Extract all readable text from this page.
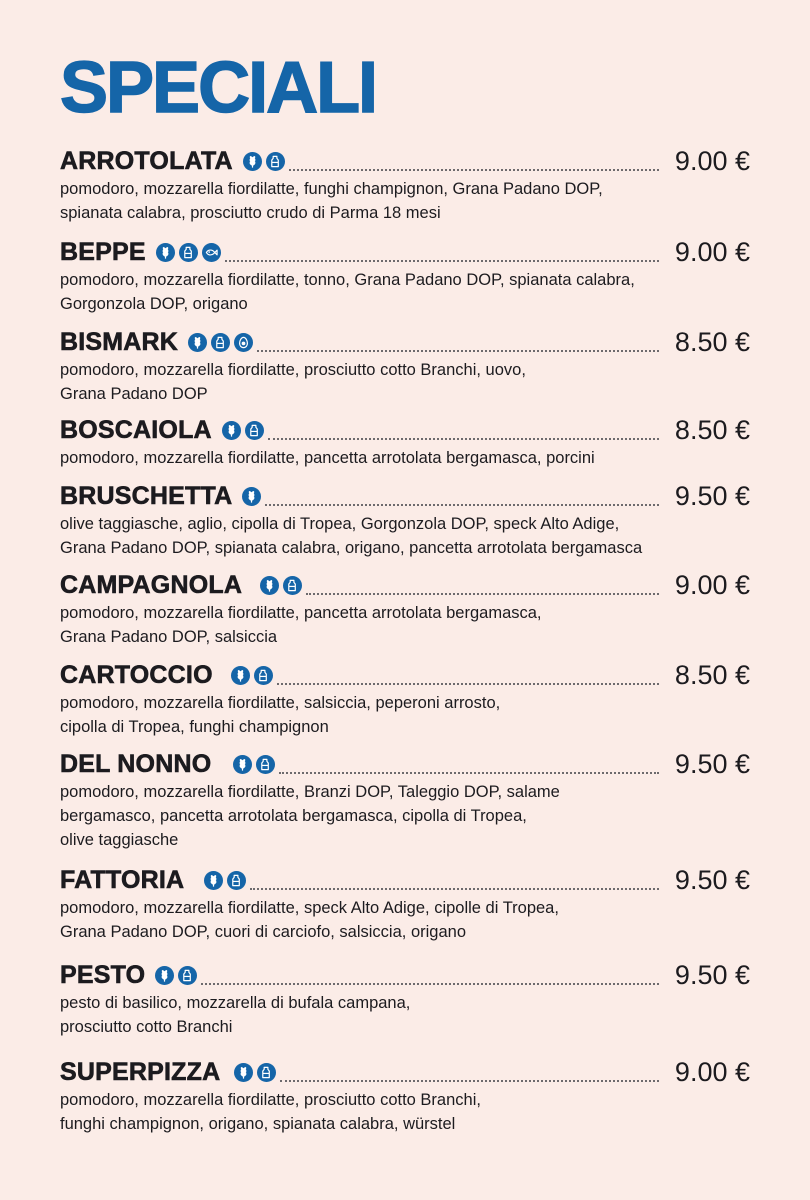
SPECIALI
ARROTOLATA	9.00 €
pomodoro, mozzarella fiordilatte, funghi champignon, Grana Padano DOP,
spianata calabra, prosciutto crudo di Parma 18 mesi
BEPPE	9.00 €
pomodoro, mozzarella fiordilatte, tonno, Grana Padano DOP, spianata calabra,
Gorgonzola DOP, origano
BISMARK	8.50 €
pomodoro, mozzarella fiordilatte, prosciutto cotto Branchi, uovo,
Grana Padano DOP
BOSCAIOLA	8.50 €
pomodoro, mozzarella fiordilatte, pancetta arrotolata bergamasca, porcini
BRUSCHETTA	9.50 €
olive taggiasche, aglio, cipolla di Tropea, Gorgonzola DOP, speck Alto Adige,
Grana Padano DOP, spianata calabra, origano, pancetta arrotolata bergamasca
CAMPAGNOLA	9.00 €
pomodoro, mozzarella fiordilatte, pancetta arrotolata bergamasca,
Grana Padano DOP, salsiccia
CARTOCCIO	8.50 €
pomodoro, mozzarella fiordilatte, salsiccia, peperoni arrosto,
cipolla di Tropea, funghi champignon
DEL NONNO	9.50 €
pomodoro, mozzarella fiordilatte, Branzi DOP, Taleggio DOP, salame
bergamasco, pancetta arrotolata bergamasca, cipolla di Tropea,
olive taggiasche
FATTORIA	9.50 €
pomodoro, mozzarella fiordilatte, speck Alto Adige, cipolle di Tropea,
Grana Padano DOP, cuori di carciofo, salsiccia, origano
PESTO	9.50 €
pesto di basilico, mozzarella di bufala campana,
prosciutto cotto Branchi
SUPERPIZZA	9.00 €
pomodoro, mozzarella fiordilatte, prosciutto cotto Branchi,
funghi champignon, origano, spianata calabra, würstel
